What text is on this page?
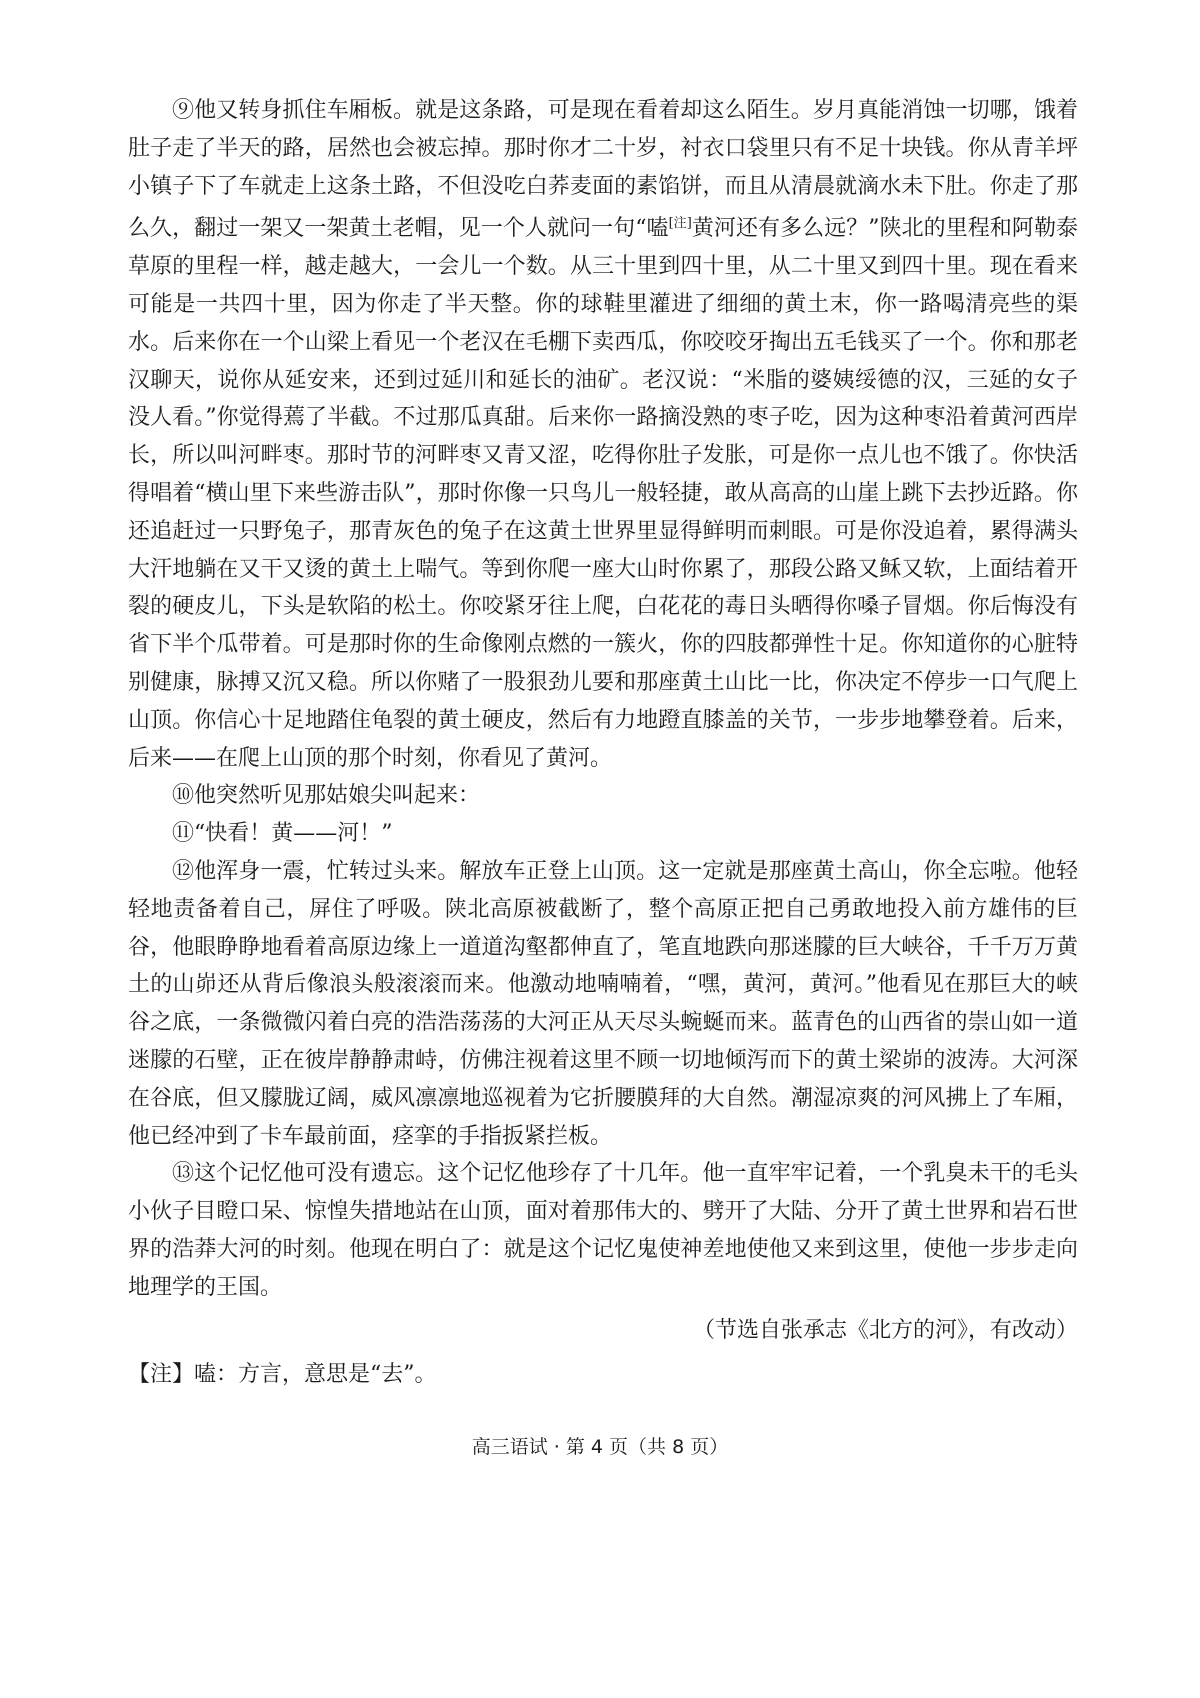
⑨他又转身抓住车厢板。就是这条路，可是现在看着却这么陌生。岁月真能消蚀一切哪，饿着肚子走了半天的路，居然也会被忘掉。那时你才二十岁，衬衣口袋里只有不足十块钱。你从青羊坪小镇子下了车就走上这条土路，不但没吃白荞麦面的素馅饼，而且从清晨就滴水未下肚。你走了那么久，翻过一架又一架黄土老帽，见一个人就问一句“嗑[注]黄河还有多么远？”陕北的里程和阿勒泰草原的里程一样，越走越大，一会儿一个数。从三十里到四十里，从二十里又到四十里。现在看来可能是一共四十里，因为你走了半天整。你的球鞋里灌进了细细的黄土末，你一路喝清亮些的渠水。后来你在一个山梁上看见一个老汉在毛棚下卖西瓜，你咬咬牙掏出五毛钱买了一个。你和那老汉聊天，说你从延安来，还到过延川和延长的油矿。老汉说：“米脂的婆姨绥德的汉，三延的女子没人看。”你觉得蔫了半截。不过那瓜真甜。后来你一路摘没熟的枣子吃，因为这种枣沿着黄河西岸长，所以叫河畔枣。那时节的河畔枣又青又涩，吃得你肚子发胀，可是你一点儿也不饿了。你快活得唱着“横山里下来些游击队”，那时你像一只鸟儿一般轻捷，敢从高高的山崖上跳下去抄近路。你还追赶过一只野兔子，那青灰色的兔子在这黄土世界里显得鲜明而刺眼。可是你没追着，累得满头大汗地躺在又干又烫的黄土上喘气。等到你爬一座大山时你累了，那段公路又稣又软，上面结着开裂的硬皮儿，下头是软陷的松土。你咬紧牙往上爬，白花花的毒日头晒得你嗓子冒烟。你后悔没有省下半个瓜带着。可是那时你的生命像刚点燃的一簇火，你的四肢都弹性十足。你知道你的心脏特别健康，脉搏又沉又稳。所以你赌了一股狠劲儿要和那座黄土山比一比，你决定不停步一口气爬上山顶。你信心十足地踏住龟裂的黄土硬皮，然后有力地蹬直膝盖的关节，一步步地攀登着。后来，后来——在爬上山顶的那个时刻，你看见了黄河。

⑩他突然听见那姑娘尖叫起来：

⑪“快看！黄——河！”

⑫他浑身一震，忙转过头来。解放车正登上山顶。这一定就是那座黄土高山，你全忘啦。他轻轻地责备着自己，屏住了呼吸。陕北高原被截断了，整个高原正把自己勇敢地投入前方雄伟的巨谷，他眼睁睁地看着高原边缘上一道道沟壑都伸直了，笔直地跌向那迷朦的巨大峡谷，千千万万黄土的山峁还从背后像浪头般滚滚而来。他激动地喃喃着，“嘿，黄河，黄河。”他看见在那巨大的峡谷之底，一条微微闪着白亮的浩浩荡荡的大河正从天尽头蜿蜒而来。蓝青色的山西省的崇山如一道迷朦的石壁，正在彼岸静静肃峙，仿佛注视着这里不顾一切地倾泻而下的黄土梁峁的波涛。大河深在谷底，但又朦胧辽阔，威风凛凛地巡视着为它折腰膜拜的大自然。潮湿凉爽的河风拂上了车厢，他已经冲到了卡车最前面，痉挛的手指扳紧拦板。

⑬这个记忆他可没有遗忘。这个记忆他珍存了十几年。他一直牢牢记着，一个乳臭未干的毛头小伙子目瞪口呆、惊惶失措地站在山顶，面对着那伟大的、劈开了大陆、分开了黄土世界和岩石世界的浩莽大河的时刻。他现在明白了：就是这个记忆鬼使神差地使他又来到这里，使他一步步走向地理学的王国。

（节选自张承志《北方的河》，有改动）

【注】嗑：方言，意思是“去”。

高三语试 · 第 4 页（共 8 页）
